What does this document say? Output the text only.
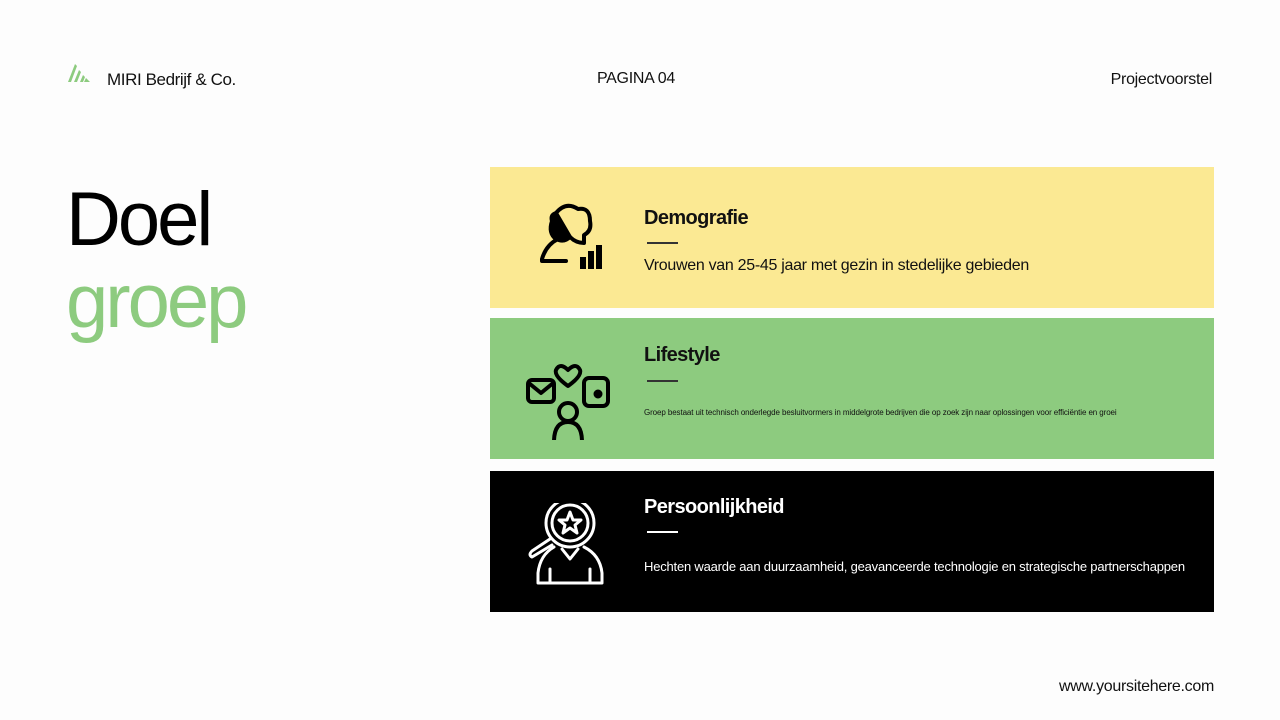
MIRI Bedrijf & Co.	PAGINA 04	Projectvoorstel
Doel
groep
Demografie
Vrouwen van 25-45 jaar met gezin in stedelijke gebieden
Lifestyle
Groep bestaat uit technisch onderlegde besluitvormers in middelgrote bedrijven die op zoek zijn naar oplossingen voor efficiëntie en groei
Persoonlijkheid
Hechten waarde aan duurzaamheid, geavanceerde technologie en strategische partnerschappen
www.yoursitehere.com
